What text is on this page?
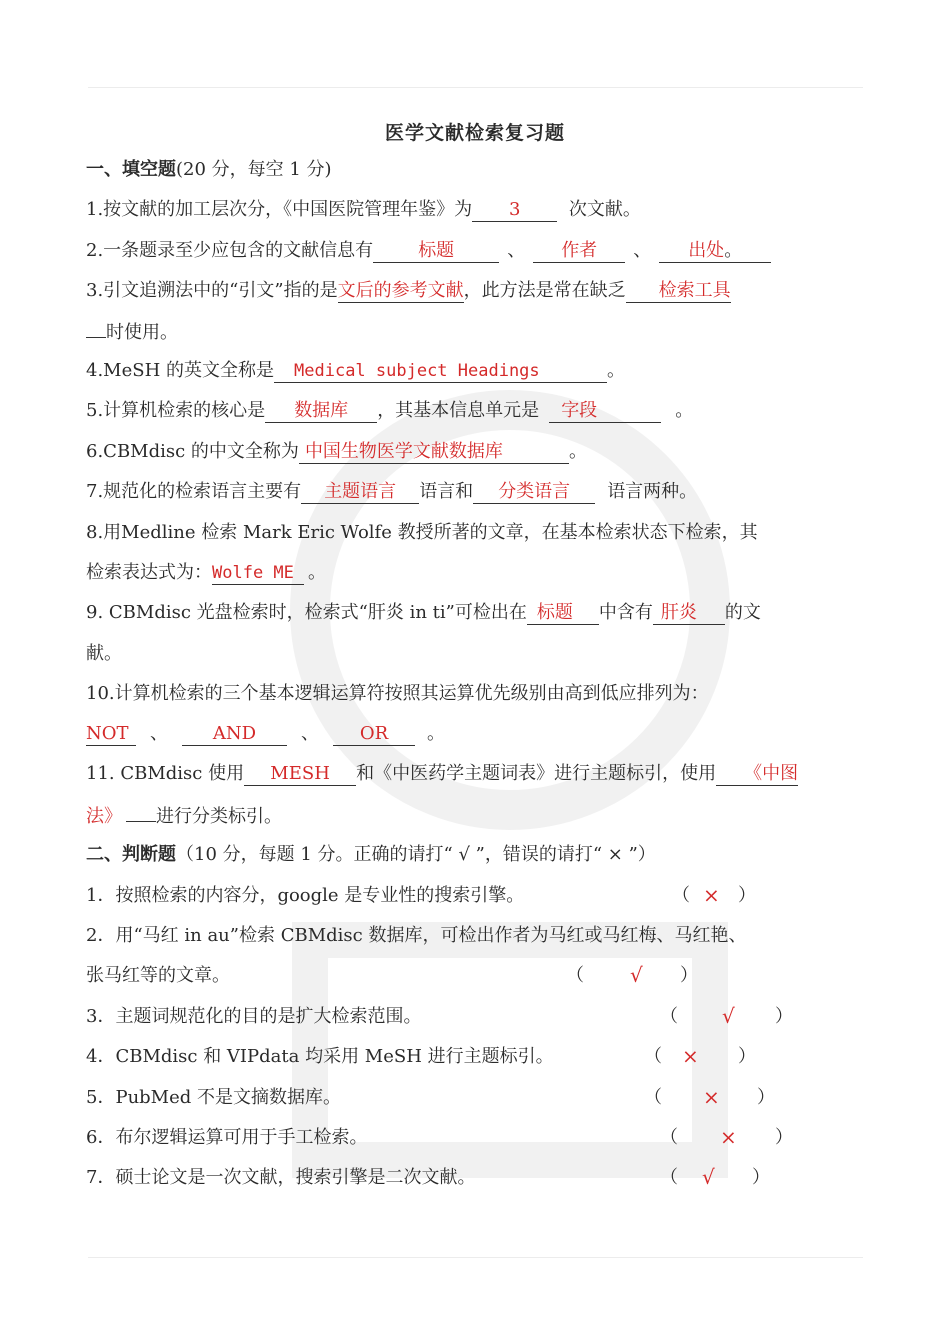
医学文献检索复习题
一、填空题(20 分，每空 1 分)
1.按文献的加工层次分，《中国医院管理年鉴》为 3	次文献。
2.一条题录至少应包含的文献信息有	标题	、 作者 、 出处。
3.引文追溯法中的“引文”指的是文后的参考文献，此方法是常在缺乏 检索工具
时使用。
4.MeSH 的英文全称是 Medical subject Headings	。
5.计算机检索的核心是 数据库 ，其基本信息单元是 字段	。
6.CBMdisc 的中文全称为 中国生物医学文献数据库	。
7.规范化的检索语言主要有 主题语言 语言和 分类语言 语言两种。
8.用Medline 检索 Mark Eric Wolfe 教授所著的文章，在基本检索状态下检索，其
检索表达式为：Wolfe ME 。
9. CBMdisc 光盘检索时，检索式“肝炎 in ti”可检出在 标题 中含有 肝炎 的文
献。
10.计算机检索的三个基本逻辑运算符按照其运算优先级别由高到低应排列为：
NOT 、 AND 、 OR 。
11. CBMdisc 使用 MESH 和《中医药学主题词表》进行主题标引，使用 《中图
法》 进行分类标引。
二、判断题（10 分，每题 1 分。正确的请打“ √ ”，错误的请打“ × ”）
1．按照检索的内容分，google 是专业性的搜索引擎。	（ × ）
2．用“马红 in au”检索 CBMdisc 数据库，可检出作者为马红或马红梅、马红艳、
张马红等的文章。	（ √ ）
3．主题词规范化的目的是扩大检索范围。	（ √ ）
4．CBMdisc 和 VIPdata 均采用 MeSH 进行主题标引。	（ × ）
5．PubMed 不是文摘数据库。	（ × ）
6．布尔逻辑运算可用于手工检索。	（ × ）
7．硕士论文是一次文献，搜索引擎是二次文献。	（ √ ）
